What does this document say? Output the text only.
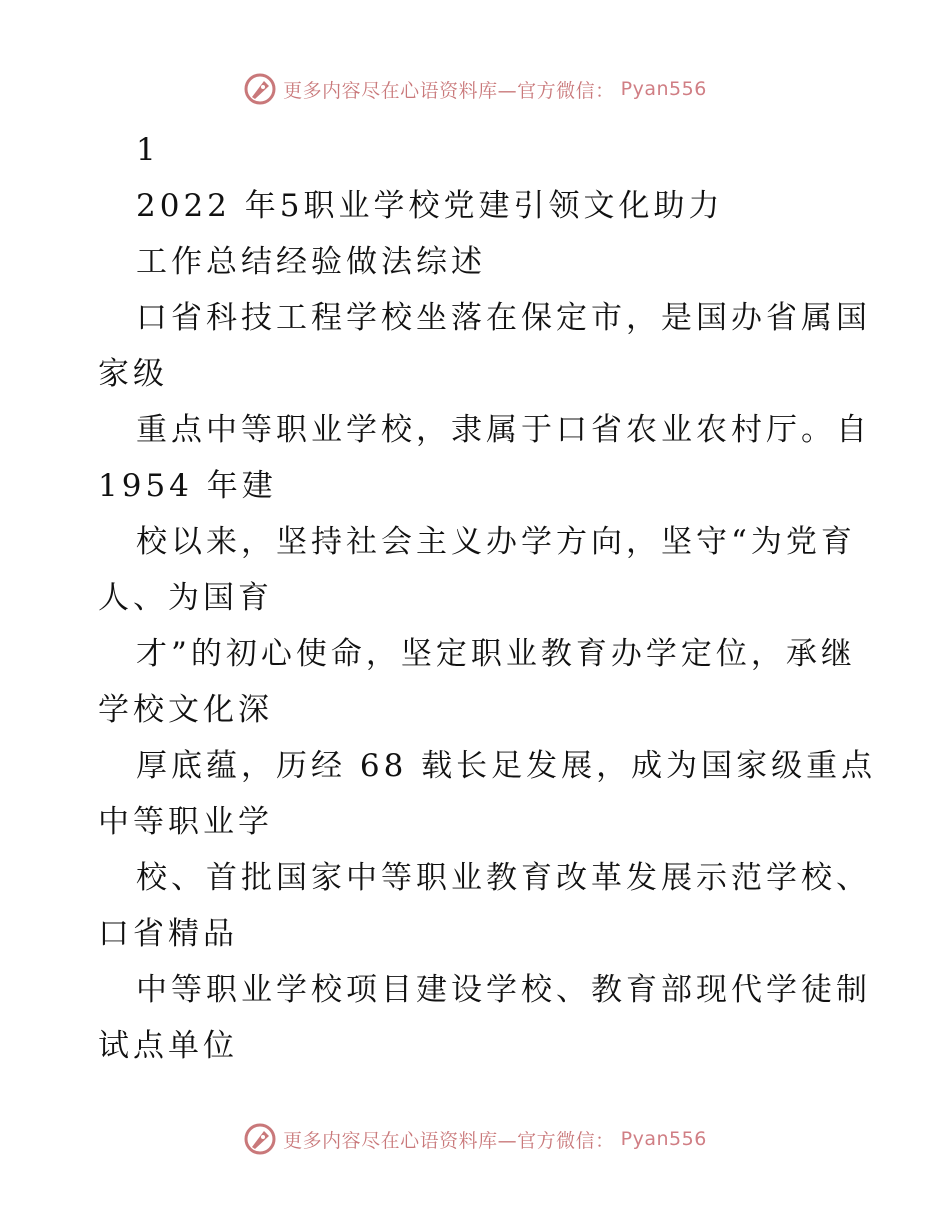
更多内容尽在心语资料库—官方微信： Pyan556
1
2022 年5职业学校党建引领文化助力
工作总结经验做法综述
口省科技工程学校坐落在保定市，是国办省属国
家级
重点中等职业学校，隶属于口省农业农村厅。自
1954 年建
校以来，坚持社会主义办学方向，坚守“为党育
人、为国育
才”的初心使命，坚定职业教育办学定位，承继
学校文化深
厚底蕴，历经 68 载长足发展，成为国家级重点
中等职业学
校、首批国家中等职业教育改革发展示范学校、
口省精品
中等职业学校项目建设学校、教育部现代学徒制
试点单位
更多内容尽在心语资料库—官方微信： Pyan556
